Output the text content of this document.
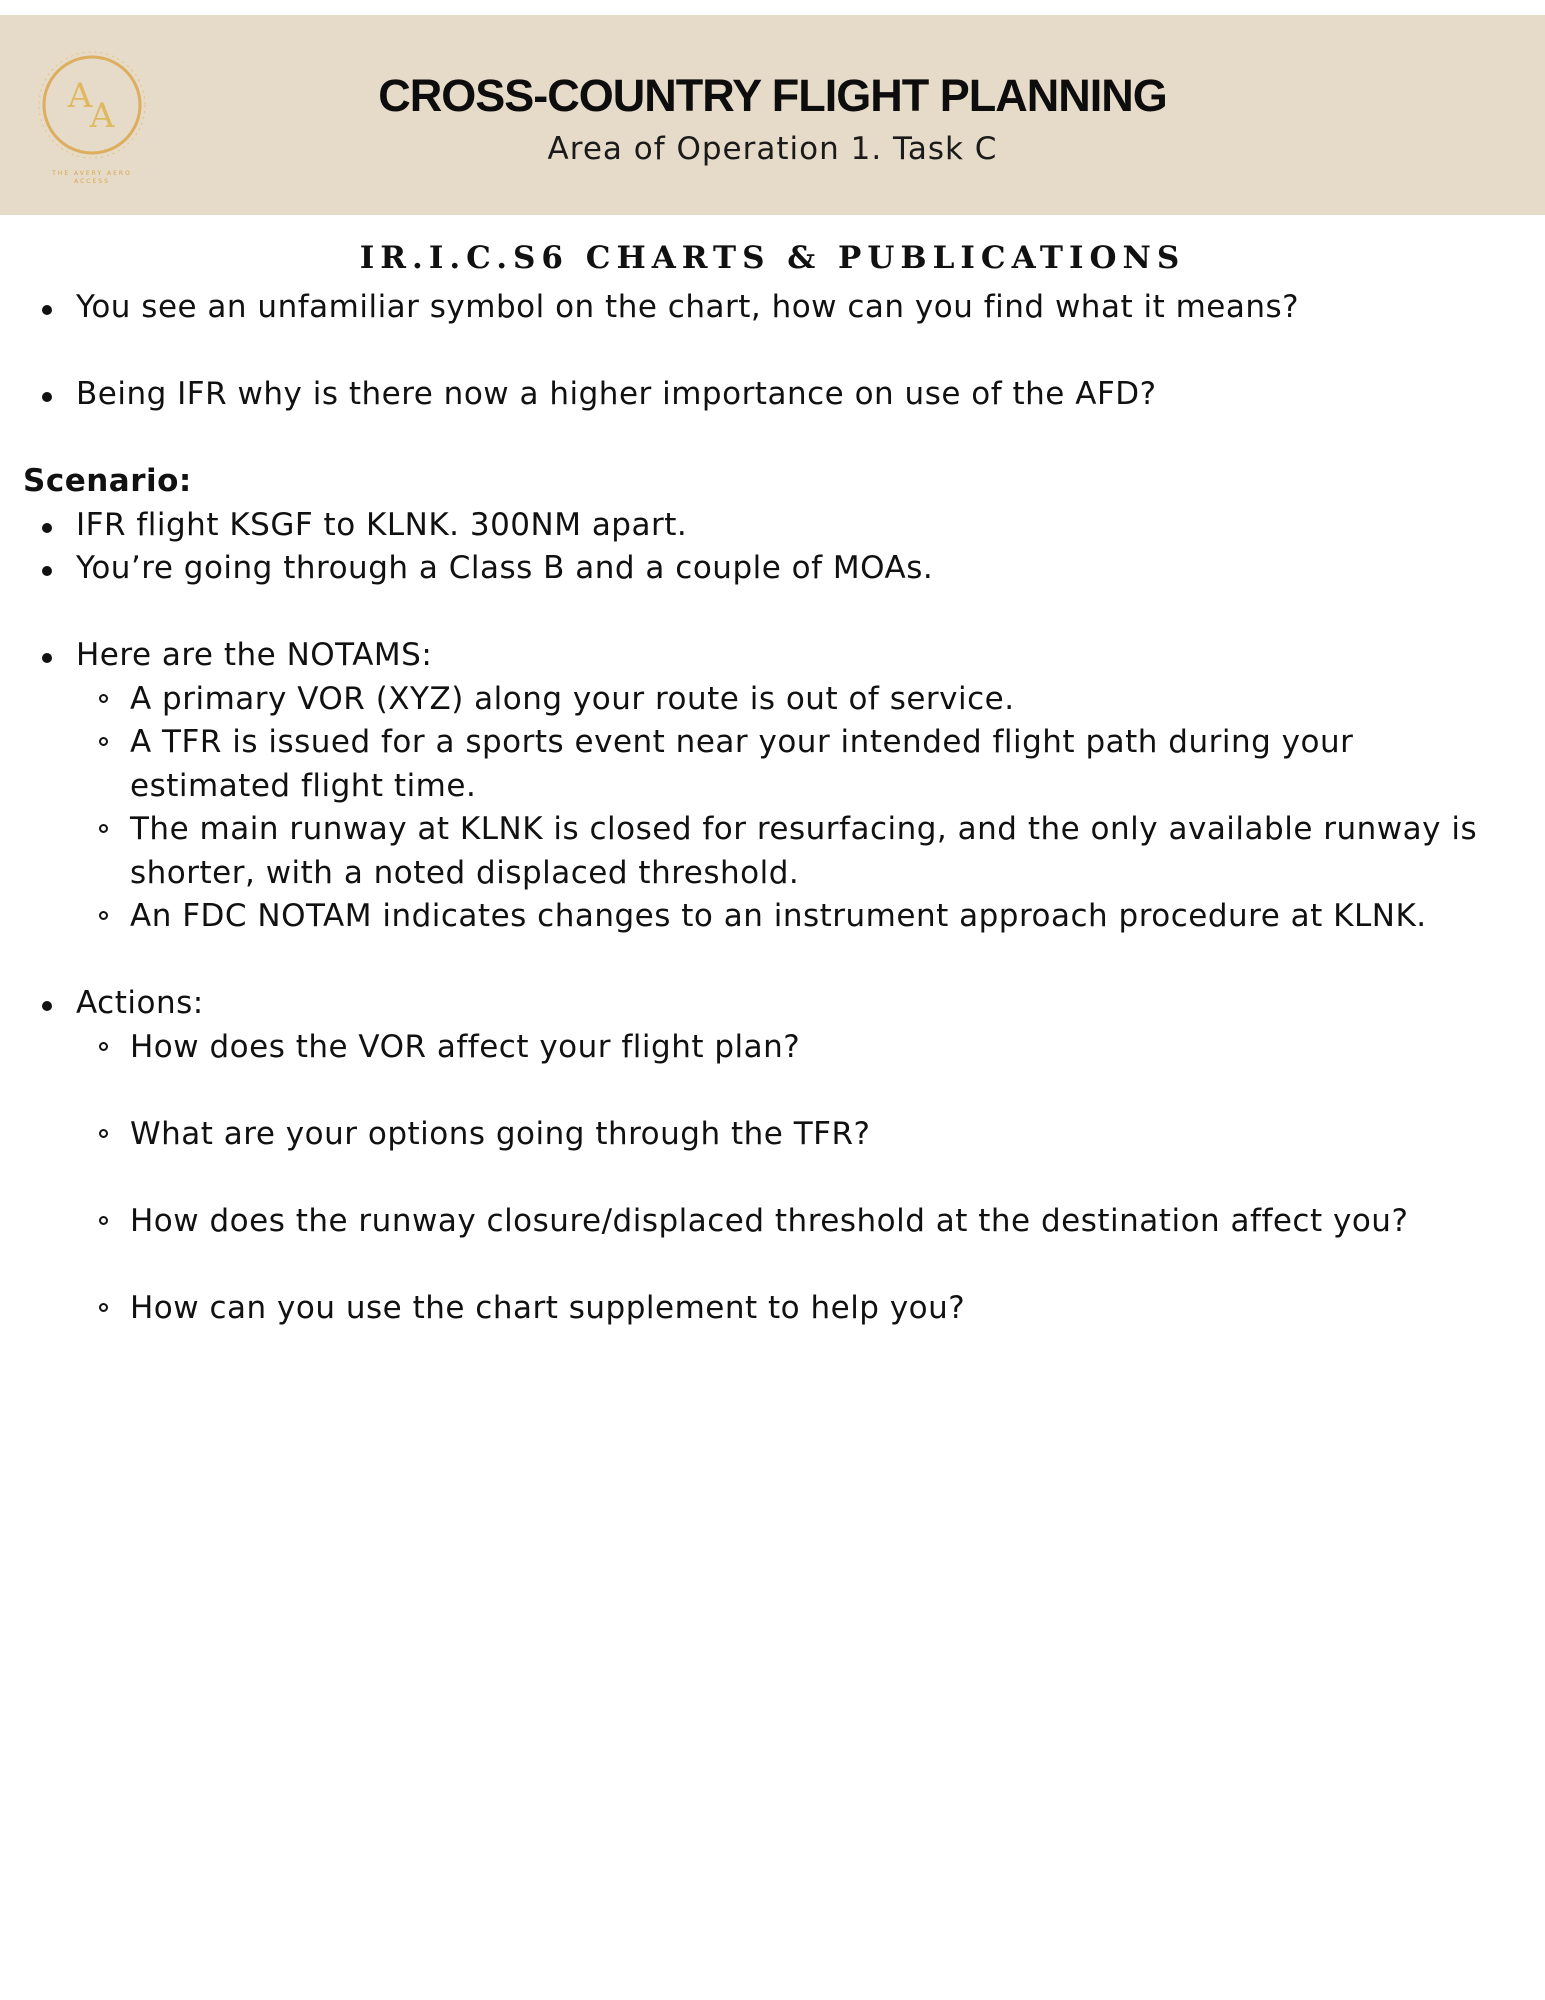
A
A
THE AVERY AERO
ACCESS
CROSS-COUNTRY FLIGHT PLANNING

Area of Operation 1. Task C

IR.I.C.S6 CHARTS & PUBLICATIONS
You see an unfamiliar symbol on the chart, how can you find what it means?
Being IFR why is there now a higher importance on use of the AFD?

Scenario:

IFR flight KSGF to KLNK. 300NM apart.
You’re going through a Class B and a couple of MOAs.
Here are the NOTAMS:
A primary VOR (XYZ) along your route is out of service.
A TFR is issued for a sports event near your intended flight path during your estimated flight time.
The main runway at KLNK is closed for resurfacing, and the only available runway is shorter, with a noted displaced threshold.
An FDC NOTAM indicates changes to an instrument approach procedure at KLNK.
Actions:
How does the VOR affect your flight plan?
What are your options going through the TFR?
How does the runway closure/displaced threshold at the destination affect you?
How can you use the chart supplement to help you?
